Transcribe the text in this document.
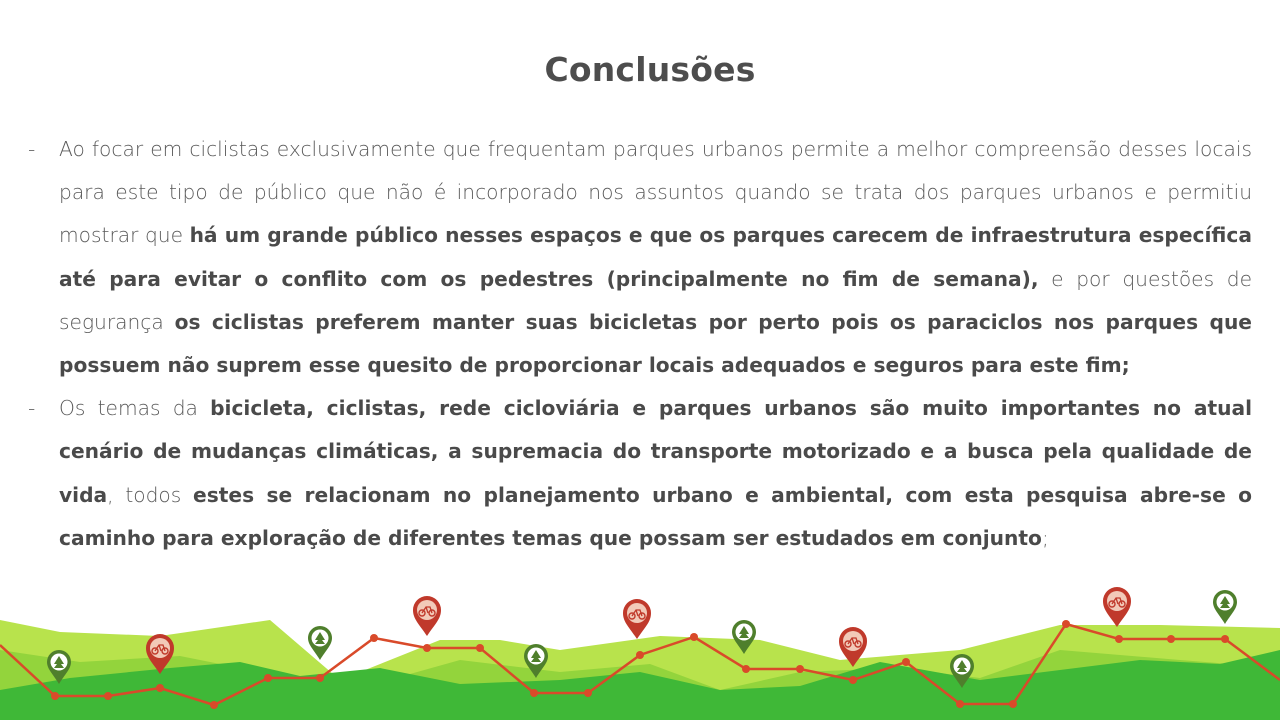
Conclusões

- Ao focar em ciclistas exclusivamente que frequentam parques urbanos permite a melhor compreensão desses locais para este tipo de público que não é incorporado nos assuntos quando se trata dos parques urbanos e permitiu mostrar que há um grande público nesses espaços e que os parques carecem de infraestrutura específica até para evitar o conflito com os pedestres (principalmente no fim de semana), e por questões de segurança os ciclistas preferem manter suas bicicletas por perto pois os paraciclos nos parques que possuem não suprem esse quesito de proporcionar locais adequados e seguros para este fim;

- Os temas da bicicleta, ciclistas, rede cicloviária e parques urbanos são muito importantes no atual cenário de mudanças climáticas, a supremacia do transporte motorizado e a busca pela qualidade de vida, todos estes se relacionam no planejamento urbano e ambiental, com esta pesquisa abre-se o caminho para exploração de diferentes temas que possam ser estudados em conjunto;
